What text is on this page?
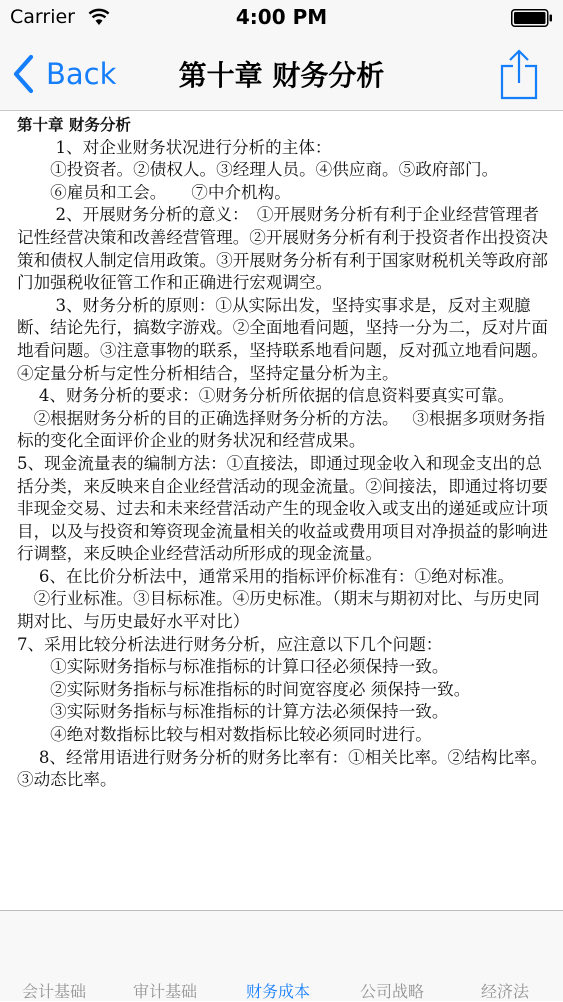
Carrier	4:00 PM
Back	第十章 财务分析

第十章 财务分析

　　 1、对企业财务状况进行分析的主体：

　　①投资者。②债权人。③经理人员。④供应商。⑤政府部门。

　　⑥雇员和工会。　　⑦中介机构。

　　 2、开展财务分析的意义：　①开展财务分析有利于企业经营管理者记性经营决策和改善经营管理。②开展财务分析有利于投资者作出投资决策和债权人制定信用政策。③开展财务分析有利于国家财税机关等政府部门加强税收征管工作和正确进行宏观调空。

　　 3、财务分析的原则：①从实际出发，坚持实事求是，反对主观臆断、结论先行，搞数字游戏。②全面地看问题，坚持一分为二，反对片面地看问题。③注意事物的联系，坚持联系地看问题，反对孤立地看问题。④定量分析与定性分析相结合，坚持定量分析为主。

　 4、财务分析的要求：①财务分析所依据的信息资料要真实可靠。

　②根据财务分析的目的正确选择财务分析的方法。　 ③根据多项财务指标的变化全面评价企业的财务状况和经营成果。

5、现金流量表的编制方法：①直接法，即通过现金收入和现金支出的总括分类，来反映来自企业经营活动的现金流量。②间接法，即通过将切要非现金交易、过去和未来经营活动产生的现金收入或支出的递延或应计项目，以及与投资和筹资现金流量相关的收益或费用项目对净损益的影响进行调整，来反映企业经营活动所形成的现金流量。

　 6、在比价分析法中，通常采用的指标评价标准有：①绝对标准。

　②行业标准。③目标标准。④历史标准。（期末与期初对比、与历史同期对比、与历史最好水平对比）

7、采用比较分析法进行财务分析，应注意以下几个问题：

　　①实际财务指标与标准指标的计算口径必须保持一致。

　　②实际财务指标与标准指标的时间宽容度必 须保持一致。

　　③实际财务指标与标准指标的计算方法必须保持一致。

　　④绝对数指标比较与相对数指标比较必须同时进行。

　 8、经常用语进行财务分析的财务比率有：①相关比率。②结构比率。③动态比率。

会计基础	审计基础	财务成本	公司战略	经济法
